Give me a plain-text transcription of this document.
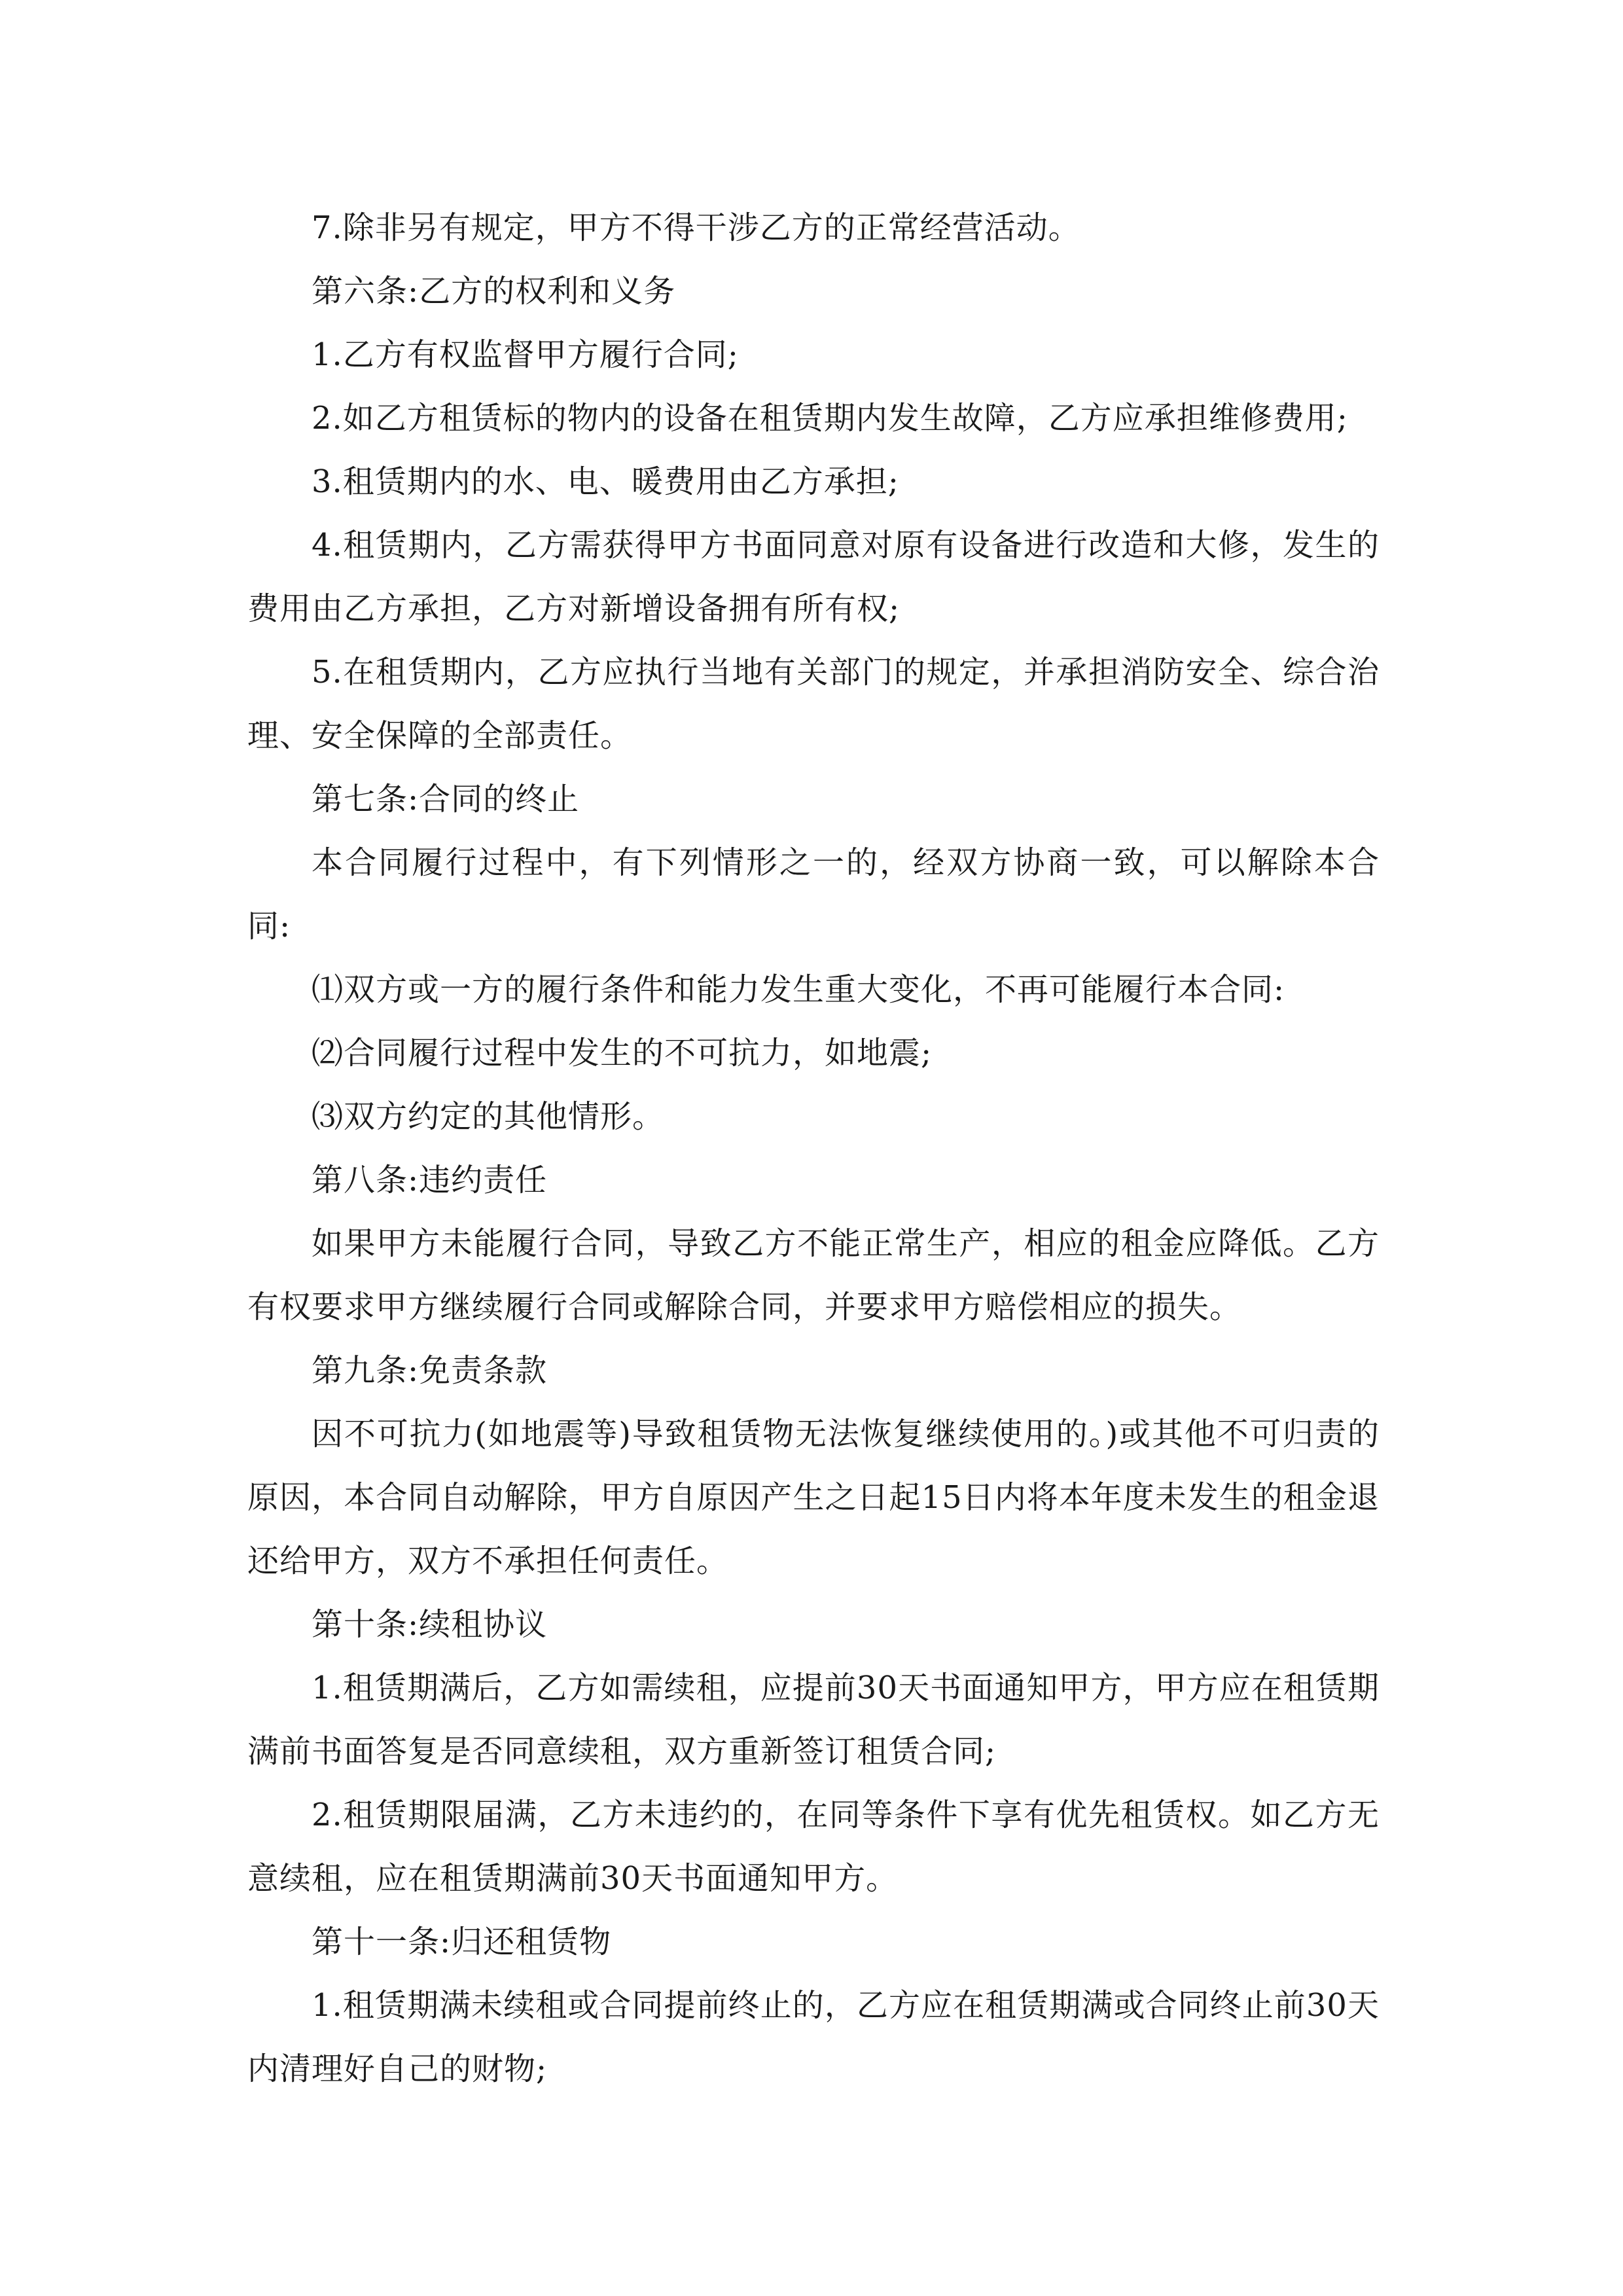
7.除非另有规定，甲方不得干涉乙方的正常经营活动。

第六条:乙方的权利和义务

1.乙方有权监督甲方履行合同;

2.如乙方租赁标的物内的设备在租赁期内发生故障，乙方应承担维修费用;

3.租赁期内的水、电、暖费用由乙方承担;

4.租赁期内，乙方需获得甲方书面同意对原有设备进行改造和大修，发生的费用由乙方承担，乙方对新增设备拥有所有权;

5.在租赁期内，乙方应执行当地有关部门的规定，并承担消防安全、综合治理、安全保障的全部责任。

第七条:合同的终止

本合同履行过程中，有下列情形之一的，经双方协商一致，可以解除本合同:

⑴双方或一方的履行条件和能力发生重大变化，不再可能履行本合同:

⑵合同履行过程中发生的不可抗力，如地震;

⑶双方约定的其他情形。

第八条:违约责任

如果甲方未能履行合同，导致乙方不能正常生产，相应的租金应降低。乙方有权要求甲方继续履行合同或解除合同，并要求甲方赔偿相应的损失。

第九条:免责条款

因不可抗力(如地震等)导致租赁物无法恢复继续使用的。)或其他不可归责的原因，本合同自动解除，甲方自原因产生之日起15日内将本年度未发生的租金退还给甲方，双方不承担任何责任。

第十条:续租协议

1.租赁期满后，乙方如需续租，应提前30天书面通知甲方，甲方应在租赁期满前书面答复是否同意续租，双方重新签订租赁合同;

2.租赁期限届满，乙方未违约的，在同等条件下享有优先租赁权。如乙方无意续租，应在租赁期满前30天书面通知甲方。

第十一条:归还租赁物

1.租赁期满未续租或合同提前终止的，乙方应在租赁期满或合同终止前30天内清理好自己的财物;
